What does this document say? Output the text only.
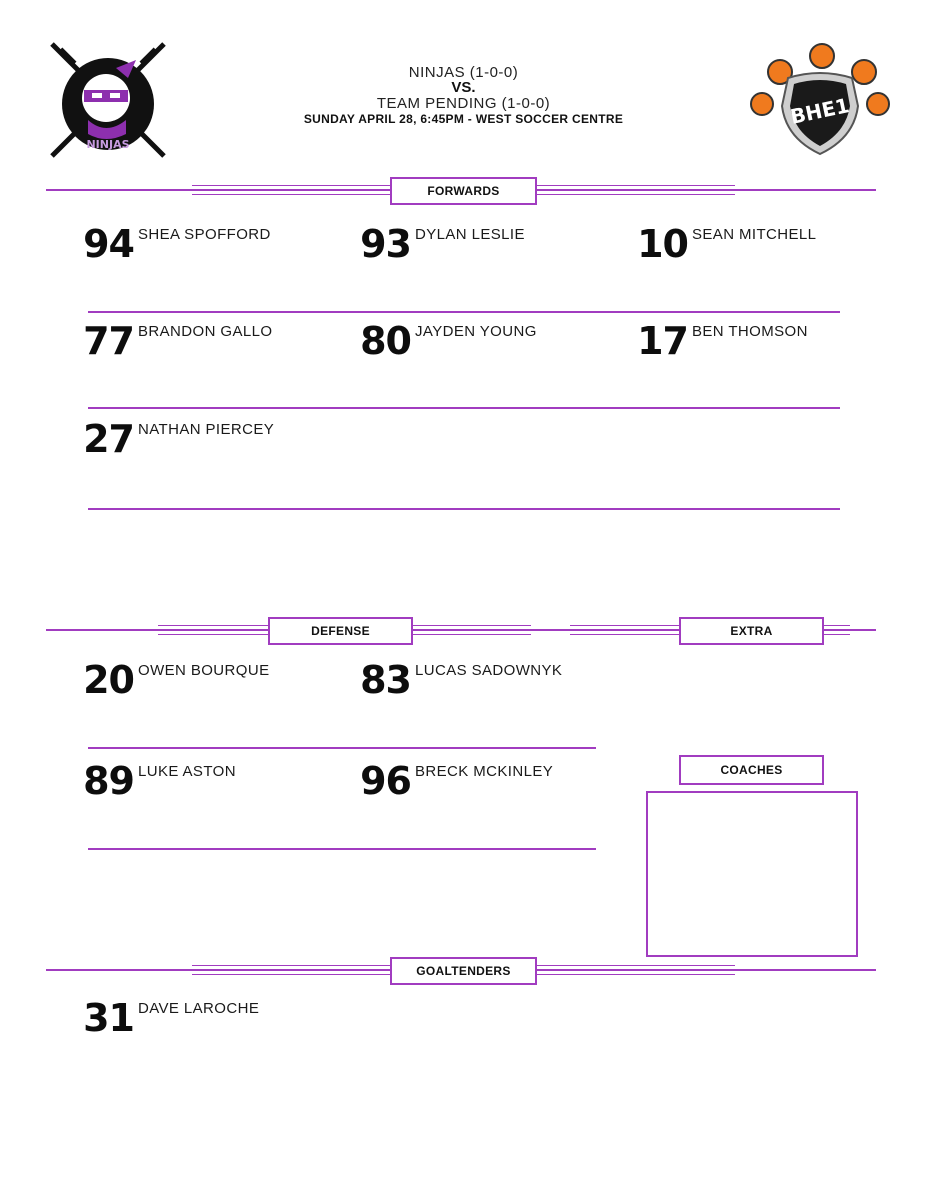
NINJAS
BHE1
NINJAS (1-0-0)
VS.
TEAM PENDING (1-0-0)
SUNDAY APRIL 28, 6:45PM - WEST SOCCER CENTRE
FORWARDS
94 SHEA SPOFFORD 93 DYLAN LESLIE	10 SEAN MITCHELL
77 BRANDON GALLO 80 JAYDEN YOUNG	17 BEN THOMSON
27 NATHAN PIERCEY
DEFENSE	EXTRA
20 OWEN BOURQUE 83 LUCAS SADOWNYK
89 LUKE ASTON	96 BRECK MCKINLEY	COACHES
GOALTENDERS
31 DAVE LAROCHE
